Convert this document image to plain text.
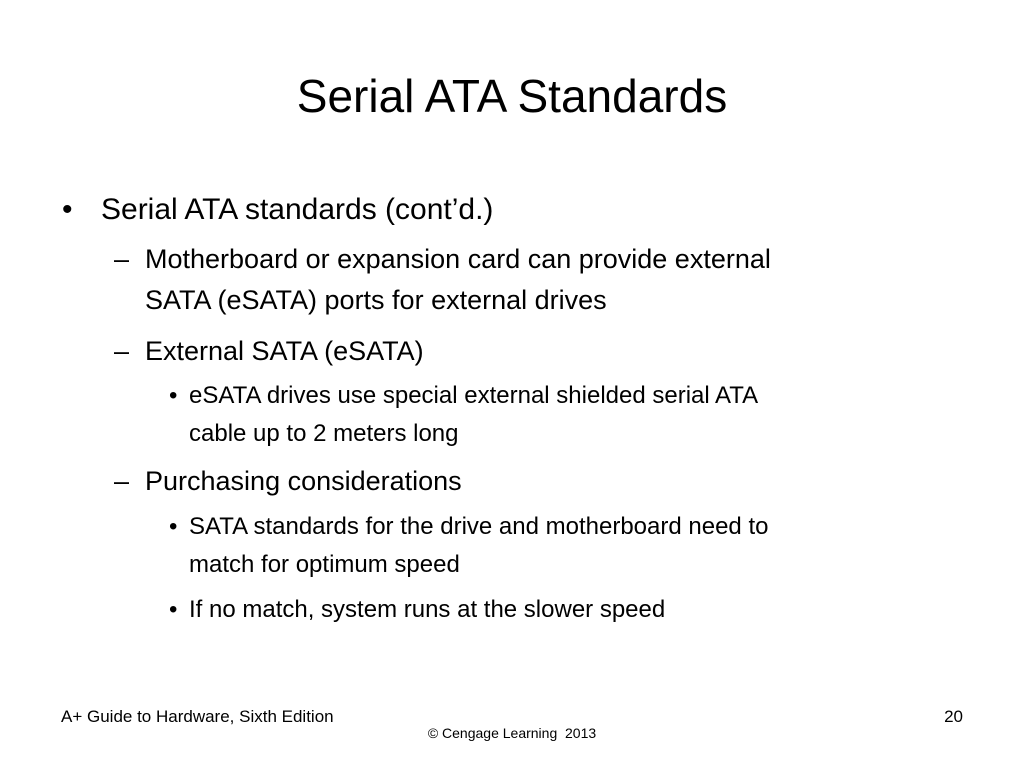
Serial ATA Standards
• Serial ATA standards (cont’d.)
– Motherboard or expansion card can provide external
SATA (eSATA) ports for external drives
– External SATA (eSATA)
• eSATA drives use special external shielded serial ATA
cable up to 2 meters long
– Purchasing considerations
• SATA standards for the drive and motherboard need to
match for optimum speed
• If no match, system runs at the slower speed
A+ Guide to Hardware, Sixth Edition	20
© Cengage Learning  2013
